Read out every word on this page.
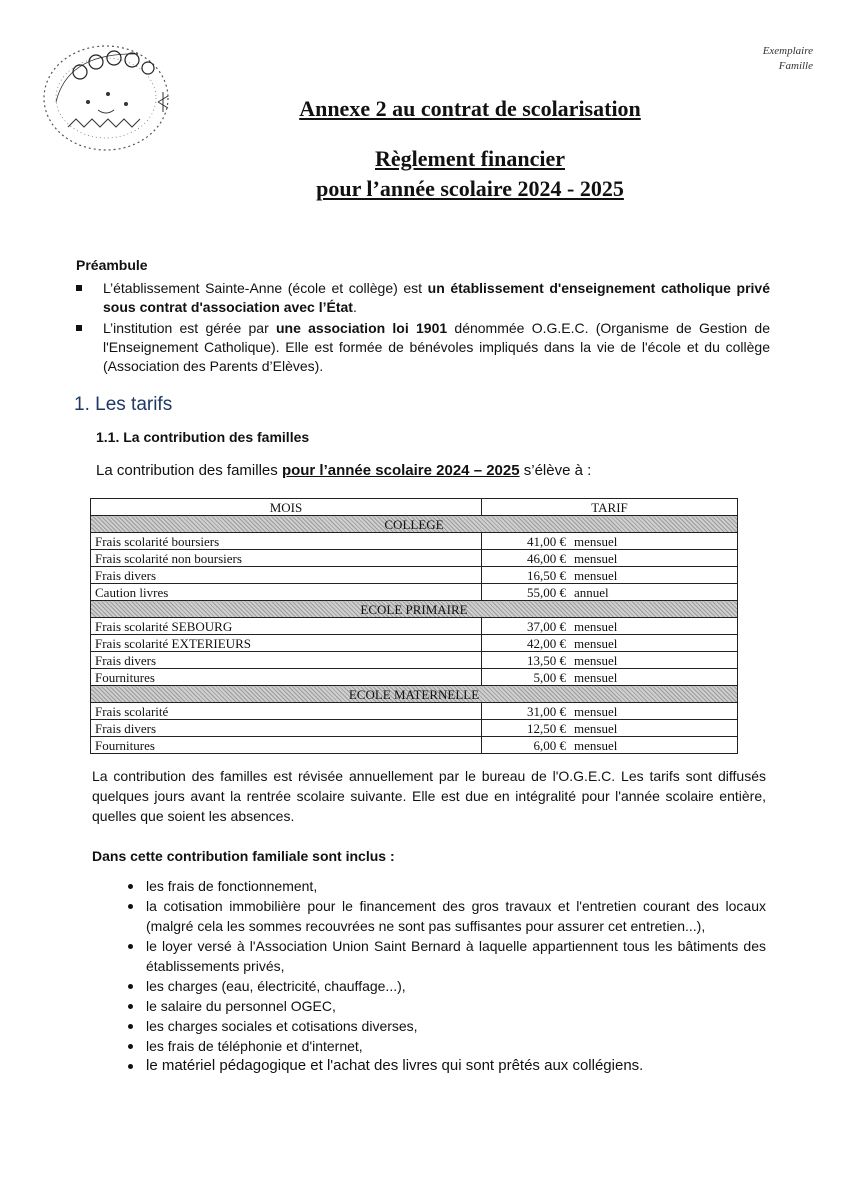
Exemplaire
Famille
Annexe 2 au contrat de scolarisation
Règlement financier
pour l’année scolaire 2024 - 2025
Préambule
L’établissement Sainte-Anne (école et collège) est un établissement d'enseignement catholique privé sous contrat d'association avec l’État.
L’institution est gérée par une association loi 1901 dénommée O.G.E.C. (Organisme de Gestion de l'Enseignement Catholique). Elle est formée de bénévoles impliqués dans la vie de l'école et du collège (Association des Parents d’Elèves).
1. Les tarifs
1.1. La contribution des familles
La contribution des familles pour l’année scolaire 2024 – 2025 s’élève à :
MOIS	TARIF	
COLLEGE		
Frais scolarité boursiers	41,00 €	mensuel
Frais scolarité non boursiers	46,00 €	mensuel
Frais divers	16,50 €	mensuel
Caution livres	55,00 €	annuel
ECOLE PRIMAIRE		
Frais scolarité SEBOURG	37,00 €	mensuel
Frais scolarité EXTERIEURS	42,00 €	mensuel
Frais divers	13,50 €	mensuel
Fournitures	5,00 €	mensuel
ECOLE MATERNELLE		
Frais scolarité	31,00 €	mensuel
Frais divers	12,50 €	mensuel
Fournitures	6,00 €	mensuel
La contribution des familles est révisée annuellement par le bureau de l'O.G.E.C. Les tarifs sont diffusés quelques jours avant la rentrée scolaire suivante. Elle est due en intégralité pour l'année scolaire entière, quelles que soient les absences.
Dans cette contribution familiale sont inclus :
les frais de fonctionnement,
la cotisation immobilière pour le financement des gros travaux et l'entretien courant des locaux (malgré cela les sommes recouvrées ne sont pas suffisantes pour assurer cet entretien...),
le loyer versé à l'Association Union Saint Bernard à laquelle appartiennent tous les bâtiments des établissements privés,
les charges (eau, électricité, chauffage...),
le salaire du personnel OGEC,
les charges sociales et cotisations diverses,
les frais de téléphonie et d'internet,
le matériel pédagogique et l'achat des livres qui sont prêtés aux collégiens.
